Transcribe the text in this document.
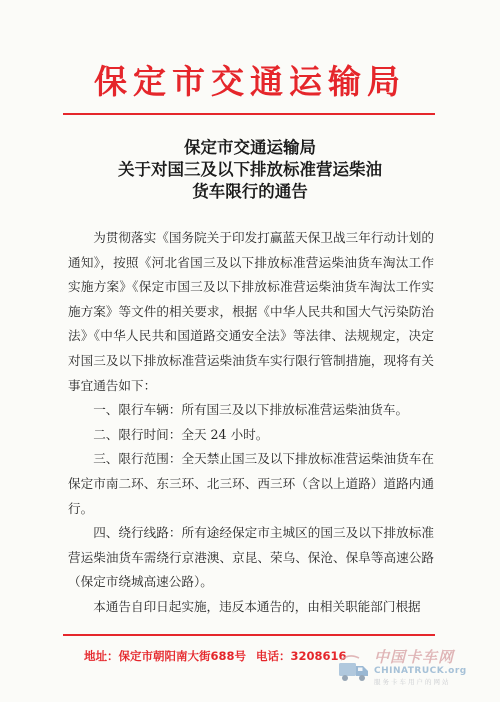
保定市交通运输局
保定市交通运输局
关于对国三及以下排放标准营运柴油
货车限行的通告

为贯彻落实《国务院关于印发打赢蓝天保卫战三年行动计划的通知》，按照《河北省国三及以下排放标准营运柴油货车淘汰工作实施方案》《保定市国三及以下排放标准营运柴油货车淘汰工作实施方案》等文件的相关要求，根据《中华人民共和国大气污染防治法》《中华人民共和国道路交通安全法》等法律、法规规定，决定对国三及以下排放标准营运柴油货车实行限行管制措施，现将有关事宜通告如下：

一、限行车辆：所有国三及以下排放标准营运柴油货车。

二、限行时间：全天 24 小时。

三、限行范围：全天禁止国三及以下排放标准营运柴油货车在保定市南二环、东三环、北三环、西三环（含以上道路）道路内通行。

四、绕行线路：所有途经保定市主城区的国三及以下排放标准营运柴油货车需绕行京港澳、京昆、荣乌、保沧、保阜等高速公路（保定市绕城高速公路）。

本通告自印日起实施，违反本通告的，由相关职能部门根据

地址：保定市朝阳南大街688号 电话：3208616 中国卡车网
CHINATRUCK.org
服务卡车用户的网站
